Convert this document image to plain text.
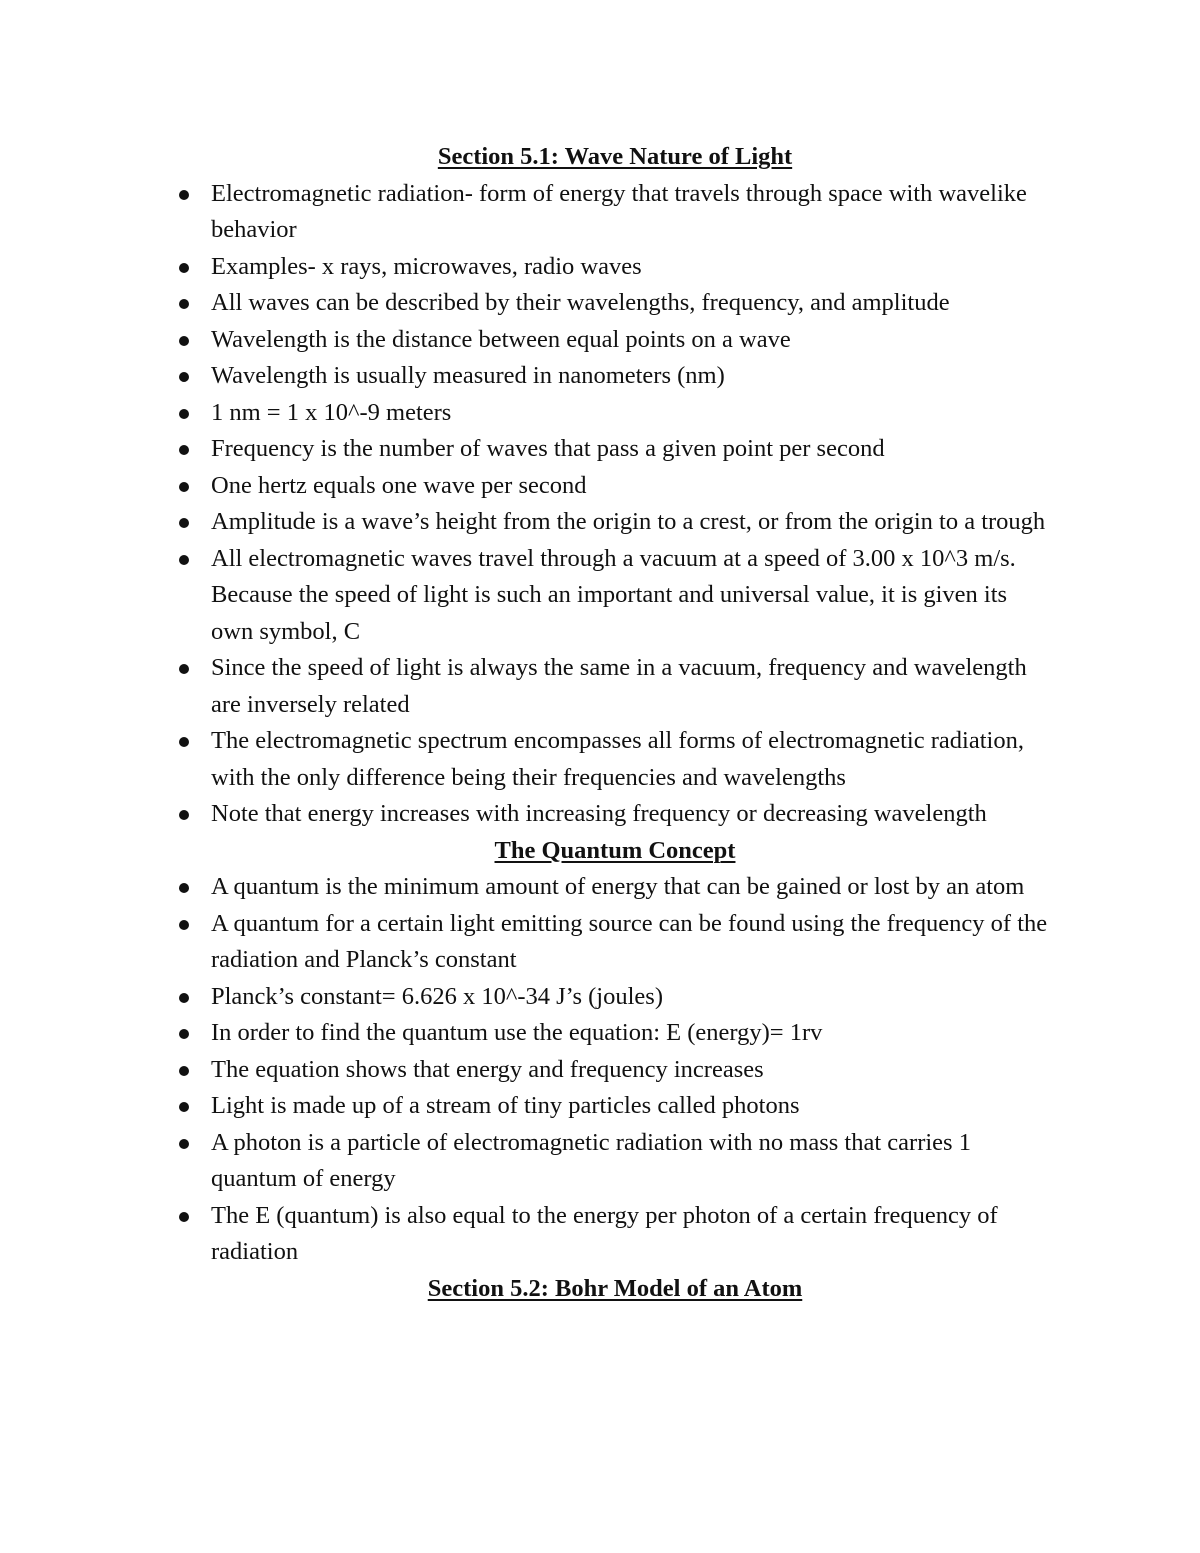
Section 5.1: Wave Nature of Light

Electromagnetic radiation- form of energy that travels through space with wavelike behavior
Examples- x rays, microwaves, radio waves
All waves can be described by their wavelengths, frequency, and amplitude
Wavelength is the distance between equal points on a wave
Wavelength is usually measured in nanometers (nm)
1 nm = 1 x 10^-9 meters
Frequency is the number of waves that pass a given point per second
One hertz equals one wave per second
Amplitude is a wave’s height from the origin to a crest, or from the origin to a trough
All electromagnetic waves travel through a vacuum at a speed of 3.00 x 10^3 m/s. Because the speed of light is such an important and universal value, it is given its own symbol, C
Since the speed of light is always the same in a vacuum, frequency and wavelength are inversely related
The electromagnetic spectrum encompasses all forms of electromagnetic radiation, with the only difference being their frequencies and wavelengths
Note that energy increases with increasing frequency or decreasing wavelength

The Quantum Concept

A quantum is the minimum amount of energy that can be gained or lost by an atom
A quantum for a certain light emitting source can be found using the frequency of the radiation and Planck’s constant
Planck’s constant= 6.626 x 10^-34 J’s (joules)
In order to find the quantum use the equation: E (energy)= 1rv
The equation shows that energy and frequency increases
Light is made up of a stream of tiny particles called photons
A photon is a particle of electromagnetic radiation with no mass that carries 1 quantum of energy
The E (quantum) is also equal to the energy per photon of a certain frequency of radiation

Section 5.2: Bohr Model of an Atom
